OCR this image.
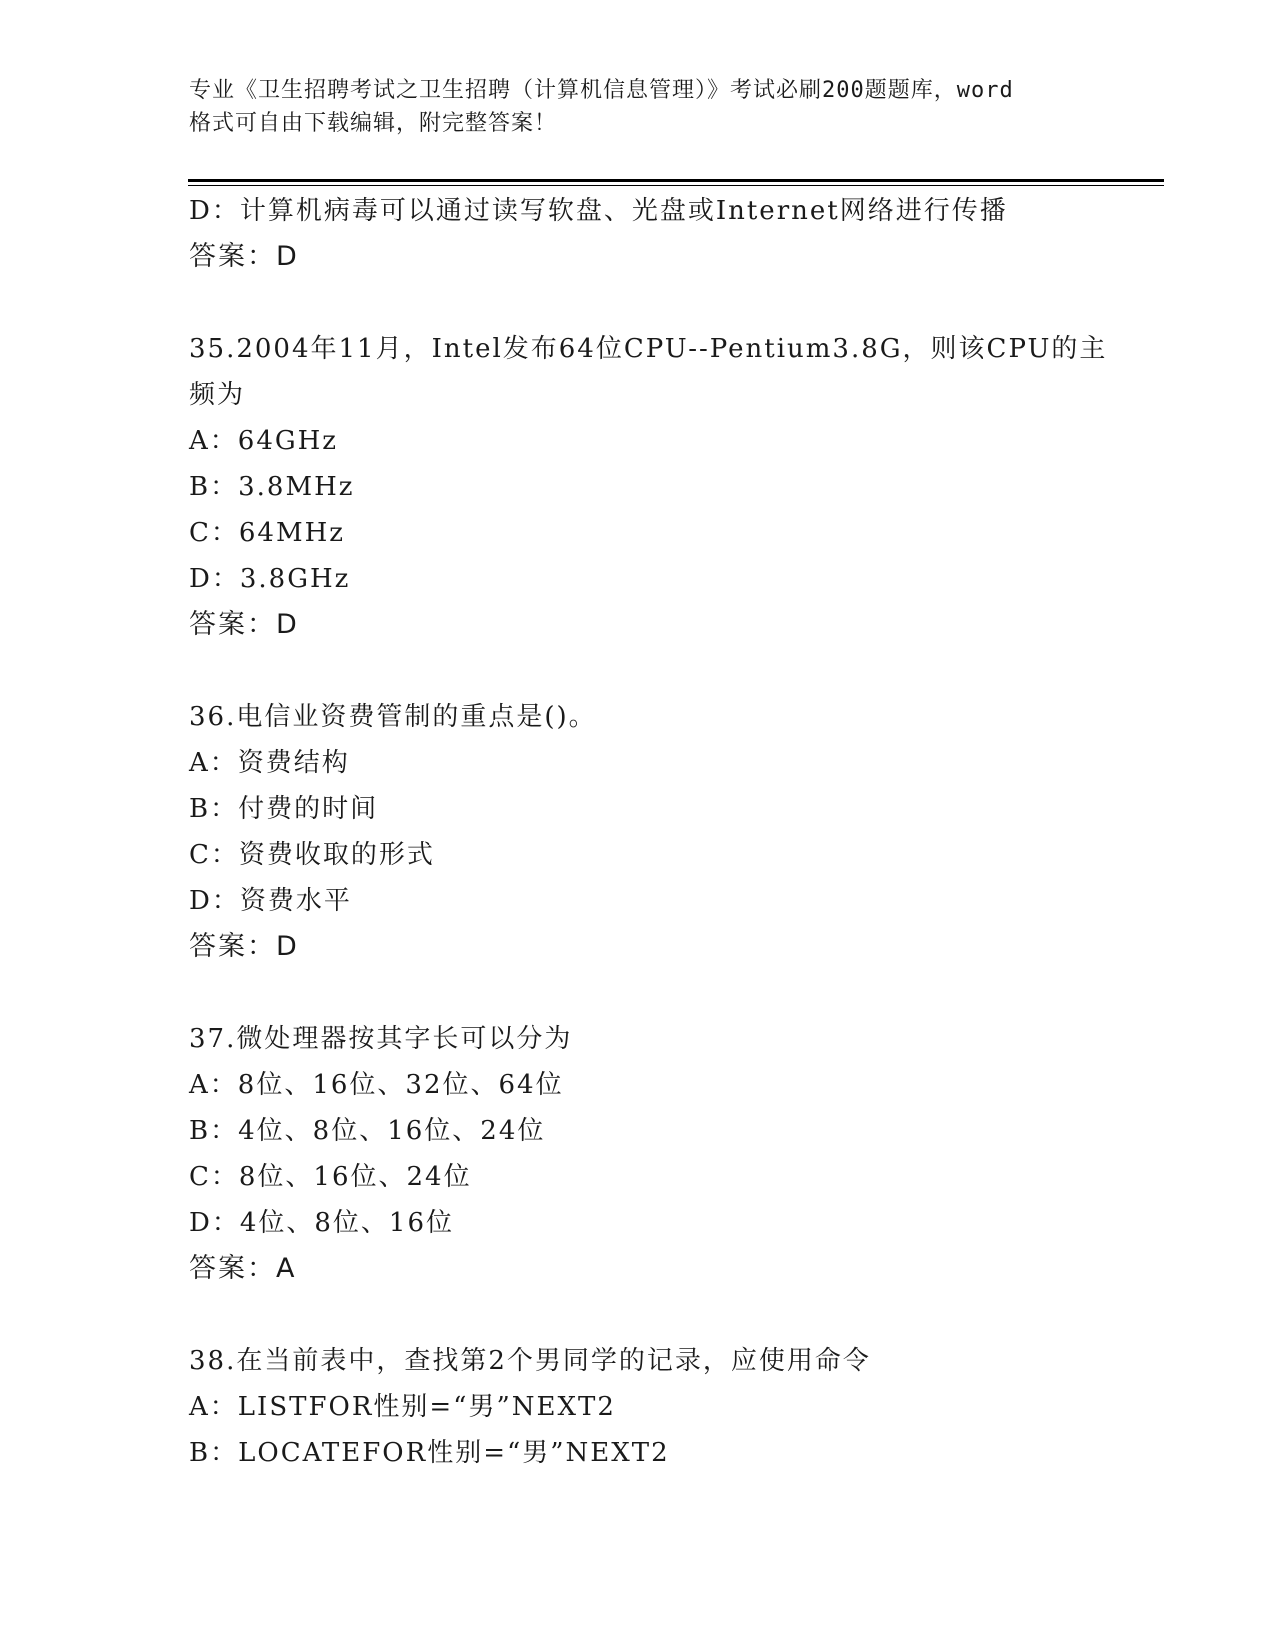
专业《卫生招聘考试之卫生招聘（计算机信息管理）》考试必刷200题题库，word
格式可自由下载编辑，附完整答案！
D：计算机病毒可以通过读写软盘、光盘或Internet网络进行传播
答案：D
35.2004年11月，Intel发布64位CPU--Pentium3.8G，则该CPU的主
频为
A：64GHz
B：3.8MHz
C：64MHz
D：3.8GHz
答案：D
36.电信业资费管制的重点是()。
A：资费结构
B：付费的时间
C：资费收取的形式
D：资费水平
答案：D
37.微处理器按其字长可以分为
A：8位、16位、32位、64位
B：4位、8位、16位、24位
C：8位、16位、24位
D：4位、8位、16位
答案：A
38.在当前表中，查找第2个男同学的记录，应使用命令
A：LISTFOR性别=“男”NEXT2
B：LOCATEFOR性别=“男”NEXT2
